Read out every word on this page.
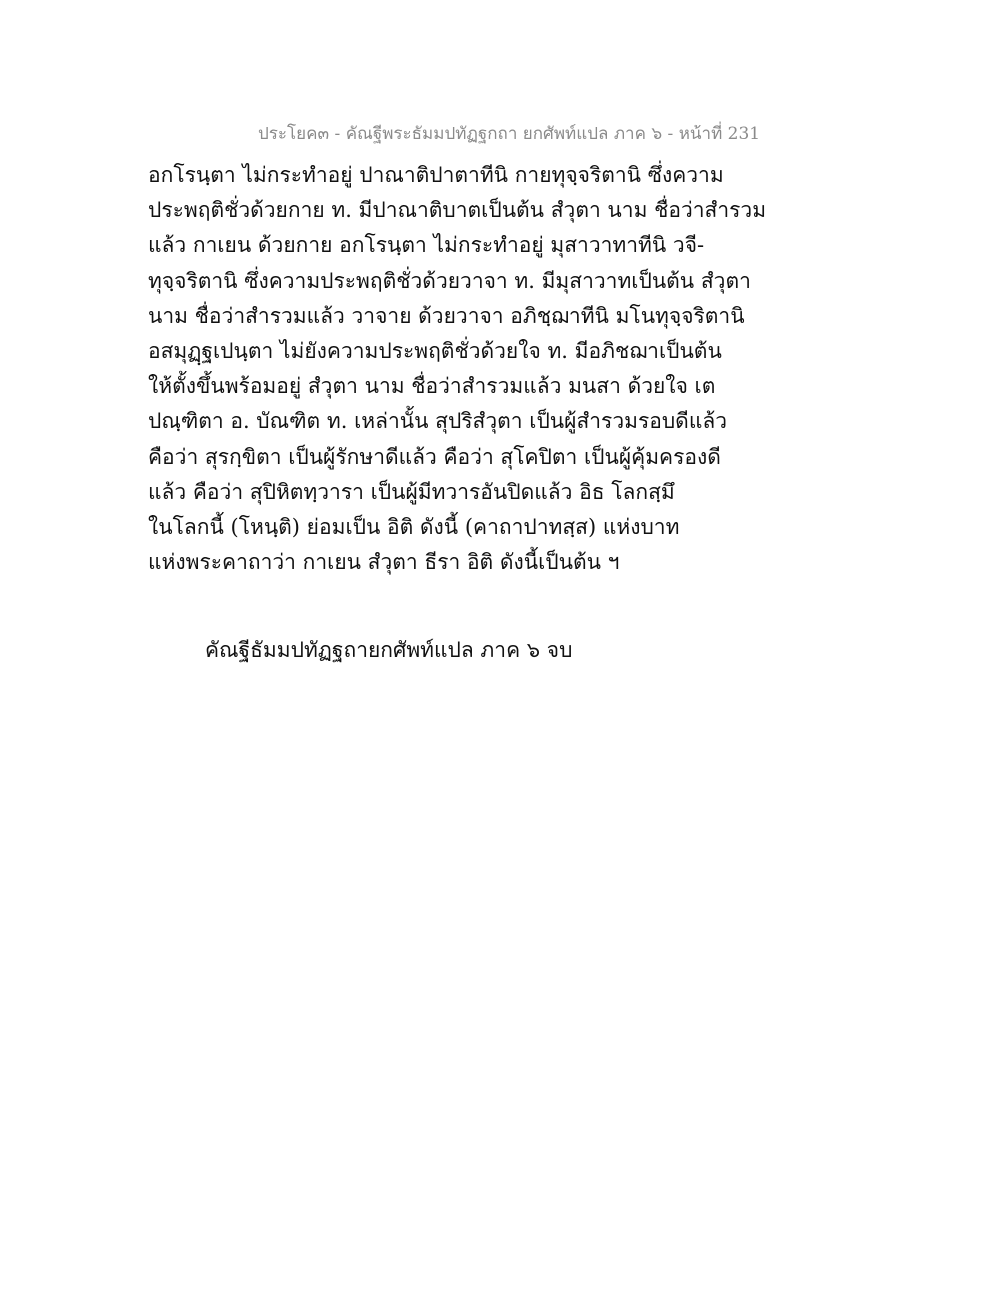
ประโยค๓ - คัณฐีพระธัมมปทัฏฐกถา ยกศัพท์แปล ภาค ๖ - หน้าที่ 231
อกโรนฺตา ไม่กระทำอยู่ ปาณาติปาตาทีนิ กายทุจฺจริตานิ ซึ่งความ
ประพฤติชั่วด้วยกาย ท. มีปาณาติบาตเป็นต้น สํวุตา นาม ชื่อว่าสำรวม
แล้ว กาเยน ด้วยกาย อกโรนฺตา ไม่กระทำอยู่ มุสาวาทาทีนิ วจี-
ทุจฺจริตานิ ซึ่งความประพฤติชั่วด้วยวาจา ท. มีมุสาวาทเป็นต้น สํวุตา
นาม ชื่อว่าสำรวมแล้ว วาจาย ด้วยวาจา อภิชฺฌาทีนิ มโนทุจฺจริตานิ
อสมุฏฺฐเปนฺตา ไม่ยังความประพฤติชั่วด้วยใจ ท. มีอภิชฌาเป็นต้น
ให้ตั้งขึ้นพร้อมอยู่ สํวุตา นาม ชื่อว่าสำรวมแล้ว มนสา ด้วยใจ เต
ปณฺฑิตา อ. บัณฑิต ท. เหล่านั้น สุปริสํวุตา เป็นผู้สำรวมรอบดีแล้ว
คือว่า สุรกฺขิตา เป็นผู้รักษาดีแล้ว คือว่า สุโคปิตา เป็นผู้คุ้มครองดี
แล้ว คือว่า สุปิหิตทฺวารา เป็นผู้มีทวารอันปิดแล้ว อิธ โลกสฺมึ
ในโลกนี้ (โหนฺติ) ย่อมเป็น อิติ ดังนี้ (คาถาปาทสฺส) แห่งบาท
แห่งพระคาถาว่า กาเยน สํวุตา ธีรา อิติ ดังนี้เป็นต้น ฯ
คัณฐีธัมมปทัฏฐถายกศัพท์แปล ภาค ๖ จบ
